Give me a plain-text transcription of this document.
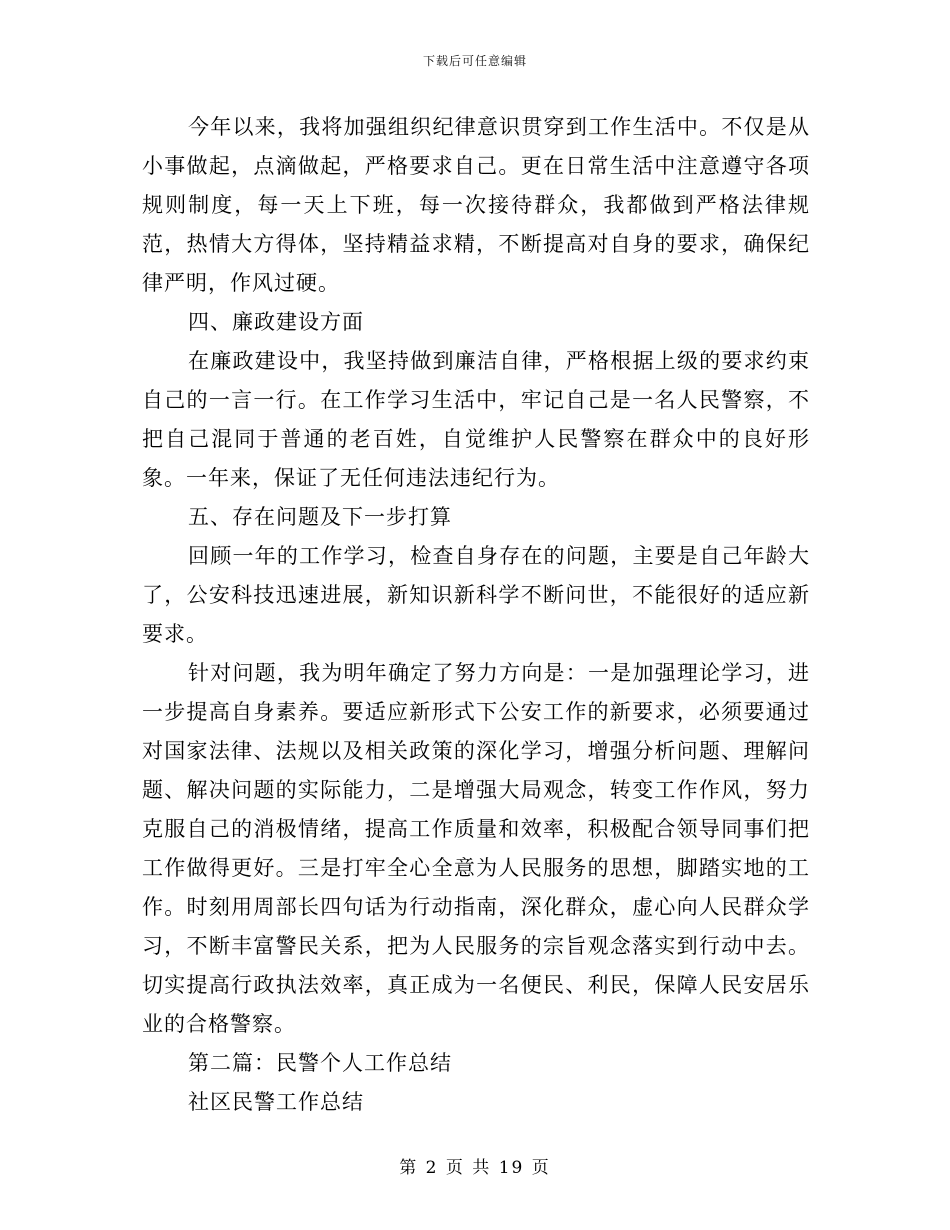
下载后可任意编辑

今年以来，我将加强组织纪律意识贯穿到工作生活中。不仅是从小事做起，点滴做起，严格要求自己。更在日常生活中注意遵守各项规则制度，每一天上下班，每一次接待群众，我都做到严格法律规范，热情大方得体，坚持精益求精，不断提高对自身的要求，确保纪律严明，作风过硬。

四、廉政建设方面

在廉政建设中，我坚持做到廉洁自律，严格根据上级的要求约束自己的一言一行。在工作学习生活中，牢记自己是一名人民警察，不把自己混同于普通的老百姓，自觉维护人民警察在群众中的良好形象。一年来，保证了无任何违法违纪行为。

五、存在问题及下一步打算

回顾一年的工作学习，检查自身存在的问题，主要是自己年龄大了，公安科技迅速进展，新知识新科学不断问世，不能很好的适应新要求。

针对问题，我为明年确定了努力方向是：一是加强理论学习，进一步提高自身素养。要适应新形式下公安工作的新要求，必须要通过对国家法律、法规以及相关政策的深化学习，增强分析问题、理解问题、解决问题的实际能力，二是增强大局观念，转变工作作风，努力克服自己的消极情绪，提高工作质量和效率，积极配合领导同事们把工作做得更好。三是打牢全心全意为人民服务的思想，脚踏实地的工作。时刻用周部长四句话为行动指南，深化群众，虚心向人民群众学习，不断丰富警民关系，把为人民服务的宗旨观念落实到行动中去。切实提高行政执法效率，真正成为一名便民、利民，保障人民安居乐业的合格警察。

第二篇：民警个人工作总结

社区民警工作总结

第 2 页 共 19 页
